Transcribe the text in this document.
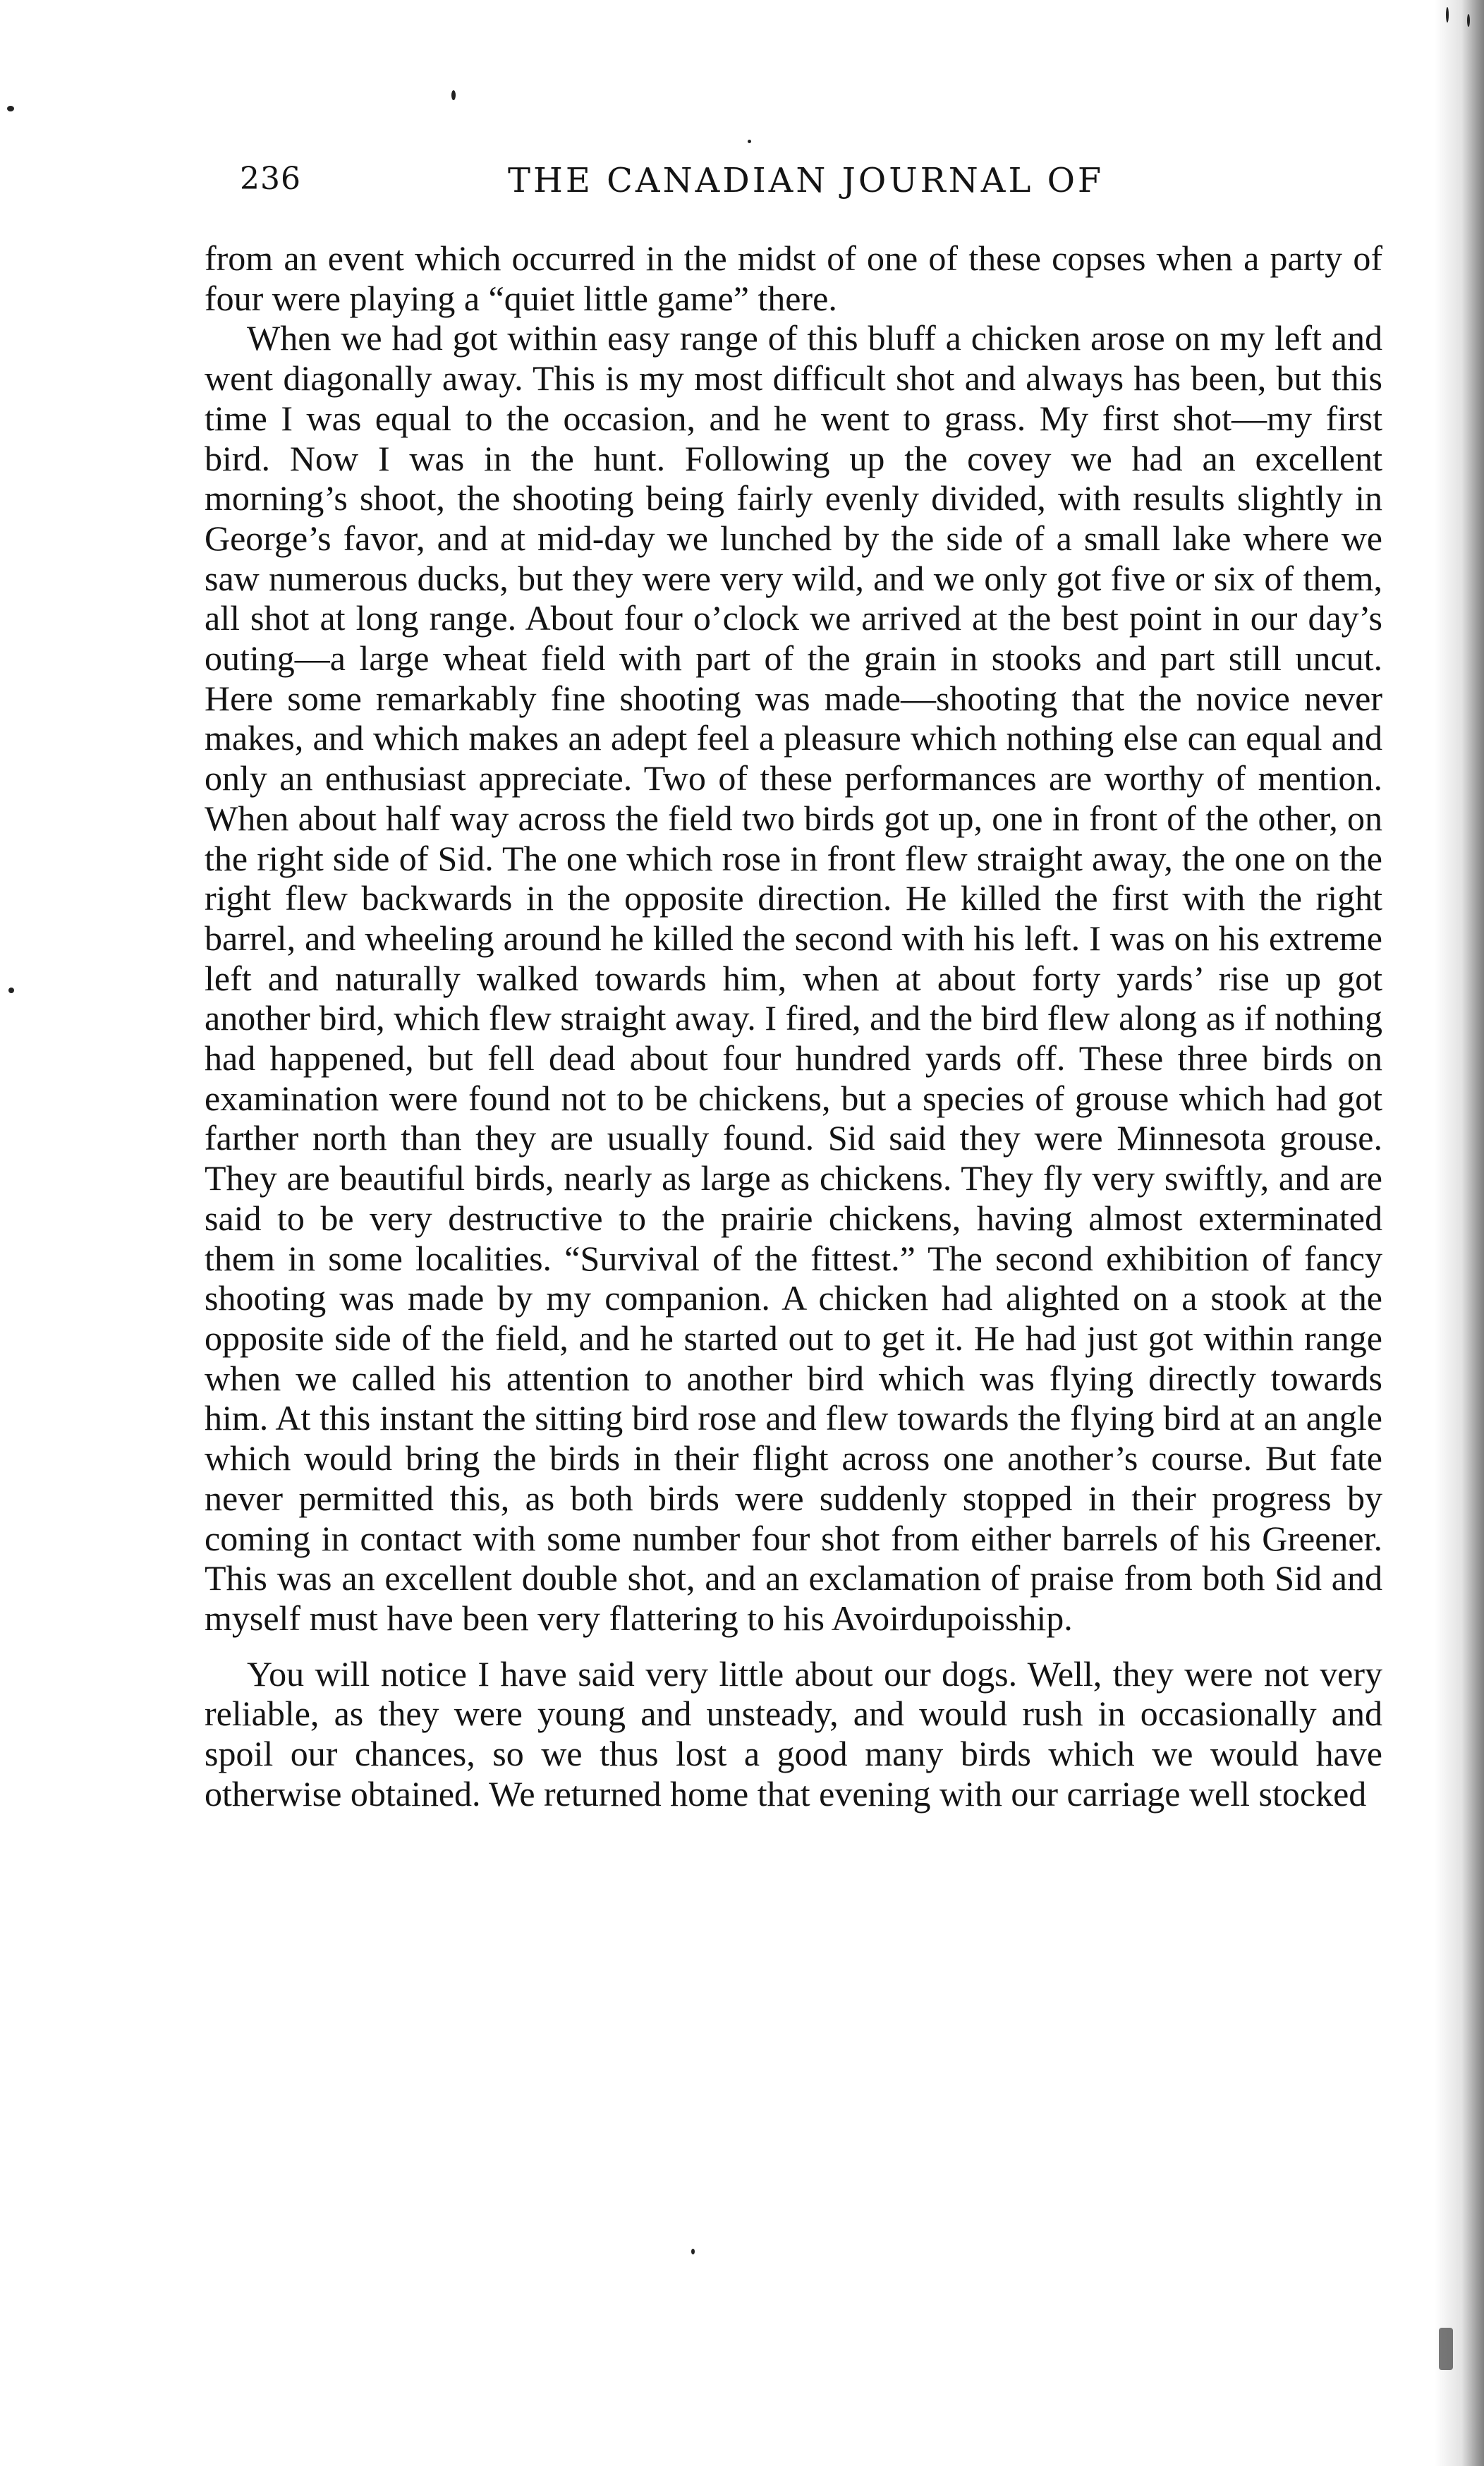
236	THE CANADIAN JOURNAL OF

from an event which occurred in the midst of one of these copses when a party of four were playing a “quiet little game” there.

When we had got within easy range of this bluff a chicken arose on my left and went diagonally away. This is my most difficult shot and always has been, but this time I was equal to the occasion, and he went to grass. My first shot—my first bird. Now I was in the hunt. Following up the covey we had an excellent morning’s shoot, the shooting being fairly evenly divided, with results slightly in George’s favor, and at mid-day we lunched by the side of a small lake where we saw numerous ducks, but they were very wild, and we only got five or six of them, all shot at long range. About four o’clock we arrived at the best point in our day’s outing—a large wheat field with part of the grain in stooks and part still uncut. Here some remarkably fine shooting was made—shooting that the novice never makes, and which makes an adept feel a pleasure which nothing else can equal and only an enthusiast appreciate. Two of these performances are worthy of mention. When about half way across the field two birds got up, one in front of the other, on the right side of Sid. The one which rose in front flew straight away, the one on the right flew backwards in the opposite direction. He killed the first with the right barrel, and wheeling around he killed the second with his left. I was on his extreme left and naturally walked towards him, when at about forty yards’ rise up got another bird, which flew straight away. I fired, and the bird flew along as if nothing had happened, but fell dead about four hundred yards off. These three birds on examination were found not to be chickens, but a species of grouse which had got farther north than they are usually found. Sid said they were Minnesota grouse. They are beautiful birds, nearly as large as chickens. They fly very swiftly, and are said to be very destructive to the prairie chickens, having almost exterminated them in some localities. “Survival of the fittest.” The second exhibition of fancy shooting was made by my companion. A chicken had alighted on a stook at the opposite side of the field, and he started out to get it. He had just got within range when we called his attention to another bird which was flying directly towards him. At this instant the sitting bird rose and flew towards the flying bird at an angle which would bring the birds in their flight across one another’s course. But fate never permitted this, as both birds were suddenly stopped in their progress by coming in contact with some number four shot from either barrels of his Greener. This was an excellent double shot, and an exclamation of praise from both Sid and myself must have been very flattering to his Avoirdupoisship.

You will notice I have said very little about our dogs. Well, they were not very reliable, as they were young and unsteady, and would rush in occasionally and spoil our chances, so we thus lost a good many birds which we would have otherwise obtained. We returned home that evening with our carriage well stocked
